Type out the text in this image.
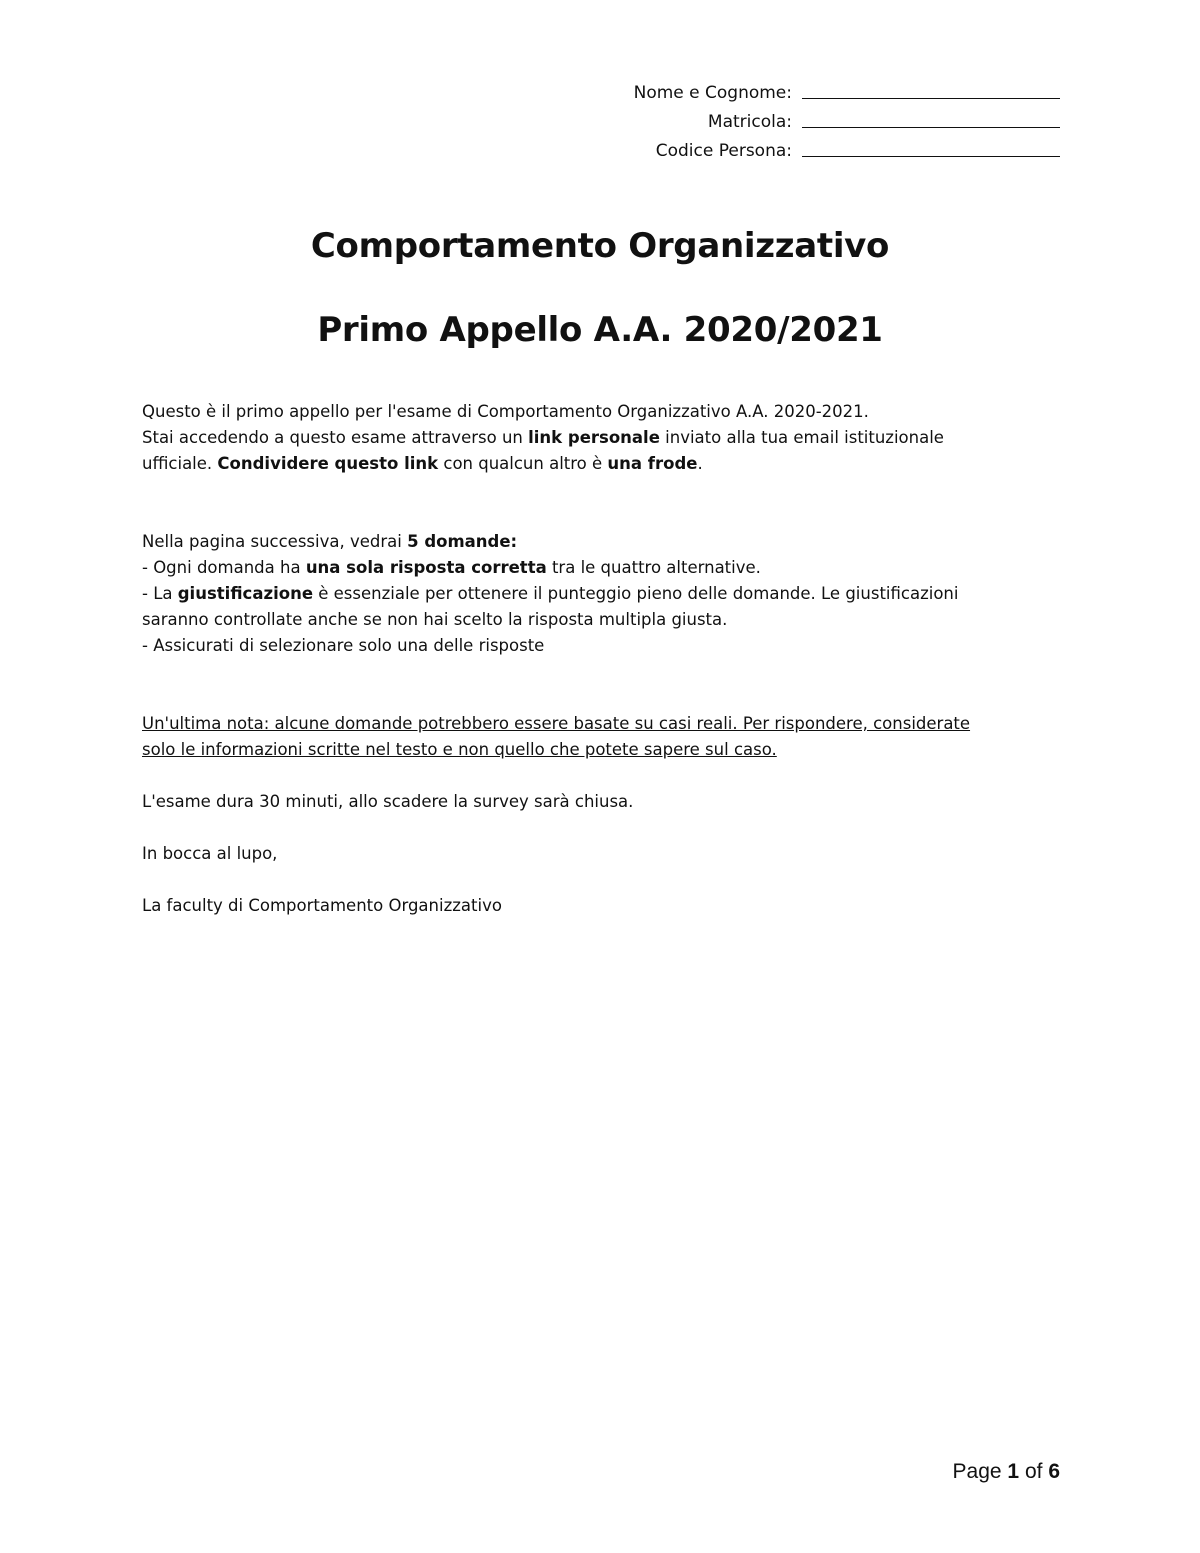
Nome e Cognome:
Matricola:
Codice Persona:
Comportamento Organizzativo
Primo Appello A.A. 2020/2021

Questo è il primo appello per l'esame di Comportamento Organizzativo A.A. 2020-2021.

Stai accedendo a questo esame attraverso un link personale inviato alla tua email istituzionale

ufficiale. Condividere questo link con qualcun altro è una frode.

Nella pagina successiva, vedrai 5 domande:

- Ogni domanda ha una sola risposta corretta tra le quattro alternative.

- La giustificazione è essenziale per ottenere il punteggio pieno delle domande. Le giustificazioni

saranno controllate anche se non hai scelto la risposta multipla giusta.

- Assicurati di selezionare solo una delle risposte

Un'ultima nota: alcune domande potrebbero essere basate su casi reali. Per rispondere, considerate

solo le informazioni scritte nel testo e non quello che potete sapere sul caso.

L'esame dura 30 minuti, allo scadere la survey sarà chiusa.

In bocca al lupo,

La faculty di Comportamento Organizzativo

Page 1 of 6
